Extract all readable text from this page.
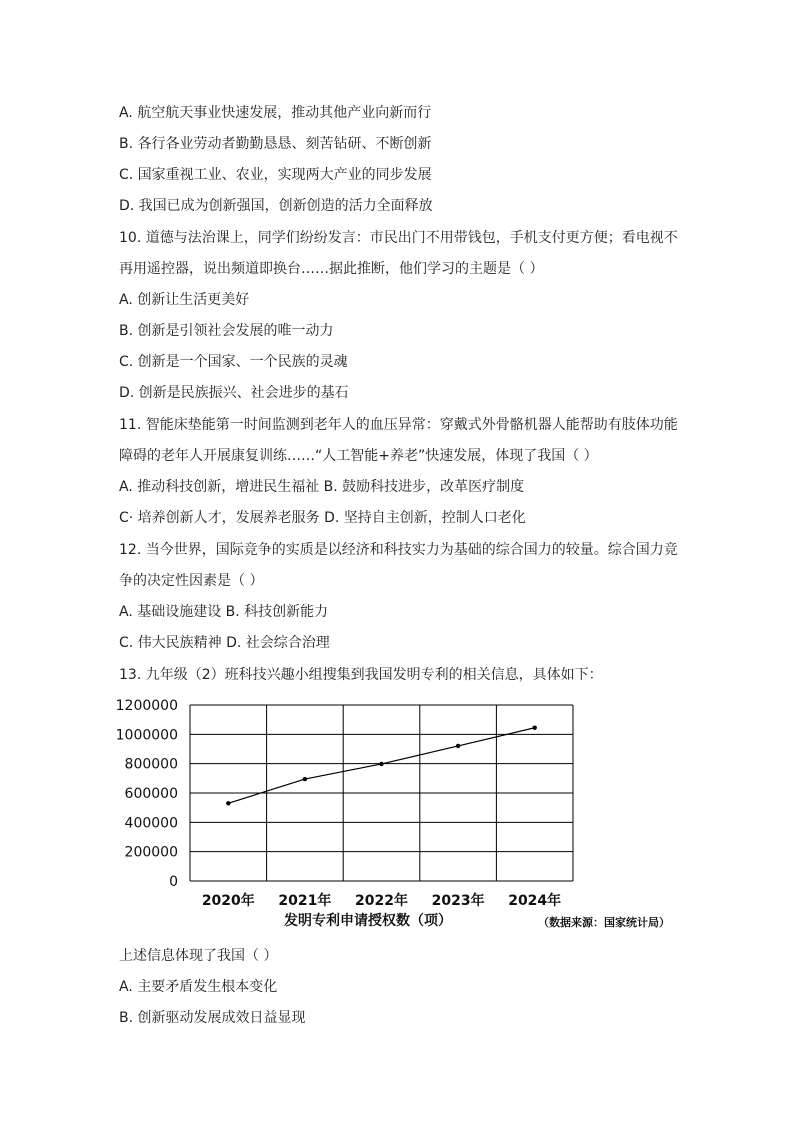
A. 航空航天事业快速发展，推动其他产业向新而行
B. 各行各业劳动者勤勤恳恳、刻苦钻研、不断创新
C. 国家重视工业、农业，实现两大产业的同步发展
D. 我国已成为创新强国，创新创造的活力全面释放
10. 道德与法治课上，同学们纷纷发言：市民出门不用带钱包，手机支付更方便；看电视不
再用遥控器，说出频道即换台……据此推断，他们学习的主题是（ ）
A. 创新让生活更美好
B. 创新是引领社会发展的唯一动力
C. 创新是一个国家、一个民族的灵魂
D. 创新是民族振兴、社会进步的基石
11. 智能床垫能第一时间监测到老年人的血压异常：穿戴式外骨骼机器人能帮助有肢体功能
障碍的老年人开展康复训练……“人工智能+养老”快速发展，体现了我国（ ）
A. 推动科技创新，增进民生福祉 B. 鼓励科技进步，改革医疗制度
C· 培养创新人才，发展养老服务 D. 坚持自主创新，控制人口老化
12. 当今世界，国际竞争的实质是以经济和科技实力为基础的综合国力的较量。综合国力竞
争的决定性因素是（ ）
A. 基础设施建设 B. 科技创新能力
C. 伟大民族精神 D. 社会综合治理
13. 九年级（2）班科技兴趣小组搜集到我国发明专利的相关信息，具体如下：
0
200000
400000
600000
800000
1000000
1200000
2020年 2021年 2022年 2023年 2024年
发明专利申请授权数（项）	（数据来源：国家统计局）
上述信息体现了我国（ ）
A. 主要矛盾发生根本变化
B. 创新驱动发展成效日益显现
